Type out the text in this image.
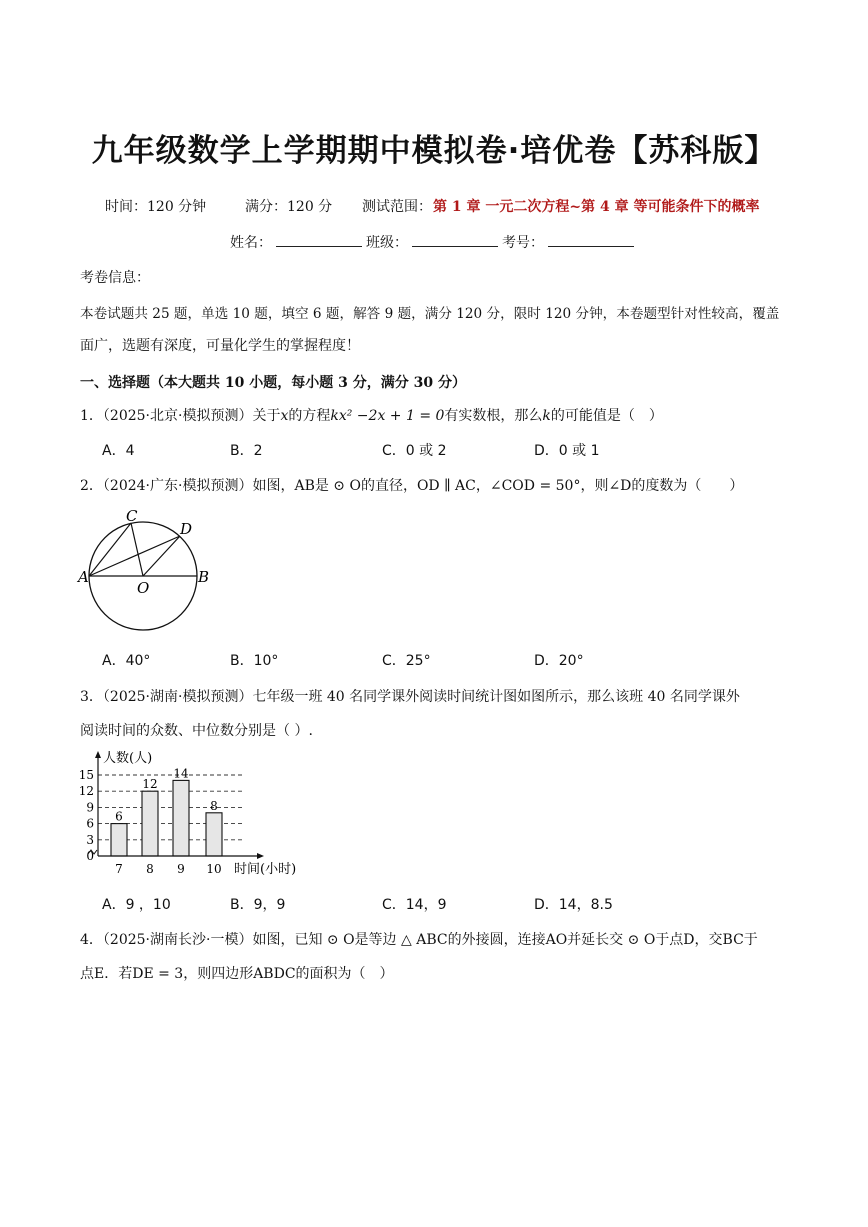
九年级数学上学期期中模拟卷·培优卷【苏科版】
时间：120 分钟	满分：120 分 测试范围： 第 1 章 一元二次方程~第 4 章 等可能条件下的概率
姓名：	班级：	考号：
考卷信息：
本卷试题共 25 题，单选 10 题，填空 6 题，解答 9 题，满分 120 分，限时 120 分钟，本卷题型针对性较高，覆盖
面广，选题有深度，可量化学生的掌握程度！
一、选择题（本大题共 10 小题，每小题 3 分，满分 30 分）
1．（2025·北京·模拟预测）关于x的方程kx² −2x + 1 = 0有实数根，那么k的可能值是（　）
A．4	B．2	C．0 或 2	D．0 或 1
2．（2024·广东·模拟预测）如图，AB是 ⊙ O的直径，OD ∥ AC，∠COD = 50°，则∠D的度数为（　　）
A	B
C
D
O
A．40°	B．10°	C．25°	D．20°
3．（2025·湖南·模拟预测）七年级一班 40 名同学课外阅读时间统计图如图所示，那么该班 40 名同学课外
阅读时间的众数、中位数分别是（ ）.
6
12
14
8
0
3
6
9
12
15
7 8 9 10
人数(人)
时间(小时)
A．9 ，10	B．9，9	C．14，9	D．14，8.5
4．（2025·湖南长沙·一模）如图，已知 ⊙ O是等边 △ ABC的外接圆，连接AO并延长交 ⊙ O于点D，交BC于
点E．若DE = 3，则四边形ABDC的面积为（　）
